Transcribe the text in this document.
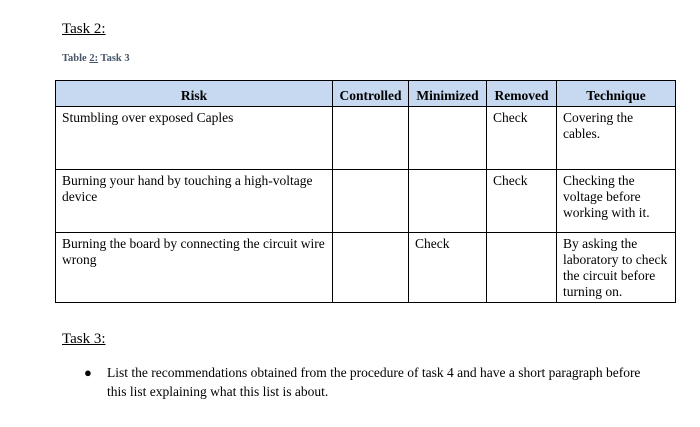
Task 2:
Table 2: Task 3
Risk	Controlled	Minimized	Removed	Technique
Stumbling over exposed Caples			Check	Covering the cables.
Burning your hand by touching a high-voltage device			Check	Checking the voltage before working with it.
Burning the board by connecting the circuit wire wrong		Check		By asking the laboratory to check the circuit before turning on.
Task 3:
●	List the recommendations obtained from the procedure of task 4 and have a short paragraph before this list explaining what this list is about.
